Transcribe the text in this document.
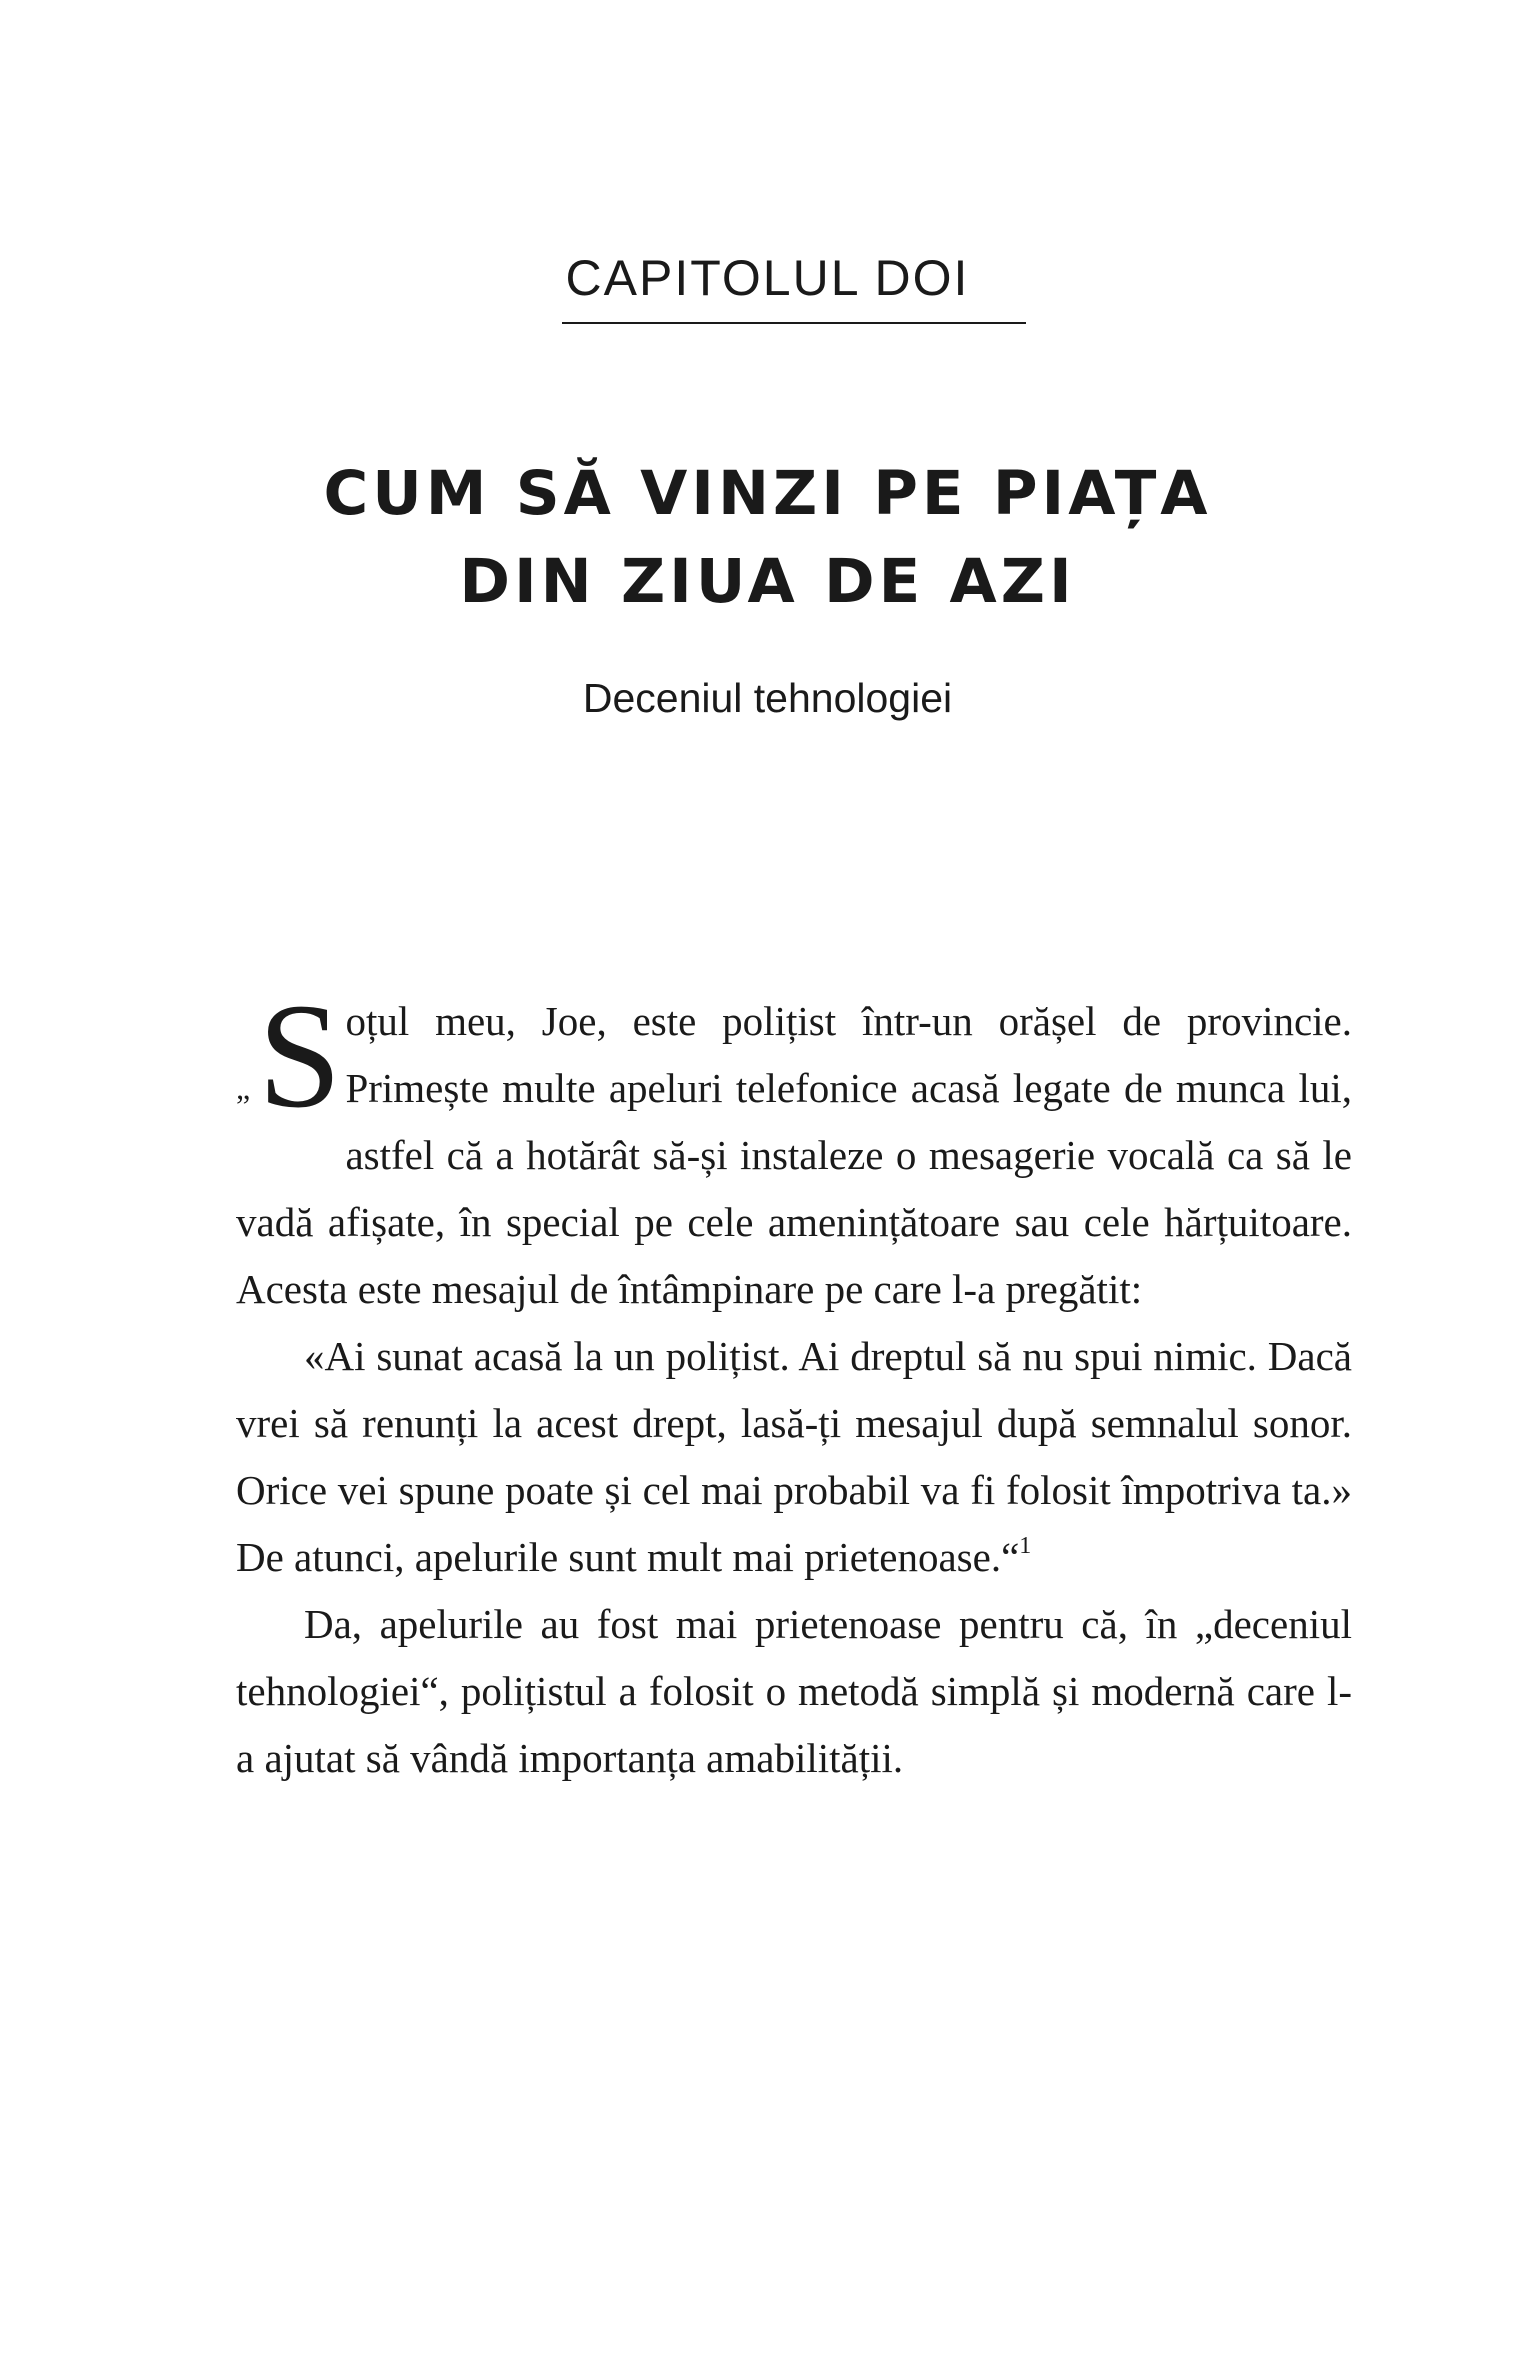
CAPITOLUL DOI
CUM SĂ VINZI PE PIAȚA
DIN ZIUA DE AZI
Deceniul tehnologiei

„ S oțul meu, Joe, este polițist într-un orășel de provincie. Primește multe apeluri telefonice acasă legate de munca lui, astfel că a hotărât să-și instaleze o mesagerie vocală ca să le vadă afișate, în special pe cele amenințătoare sau cele hărțuitoare. Acesta este mesajul de întâmpinare pe care l-a pregătit:

«Ai sunat acasă la un polițist. Ai dreptul să nu spui nimic. Dacă vrei să renunți la acest drept, lasă-ți mesajul după semnalul sonor. Orice vei spune poate și cel mai probabil va fi folosit împotriva ta.» De atunci, apelurile sunt mult mai prietenoase.“$^1$

Da, apelurile au fost mai prietenoase pentru că, în „deceniul tehnologiei“, polițistul a folosit o metodă simplă și modernă care l-a ajutat să vândă importanța amabilității.
